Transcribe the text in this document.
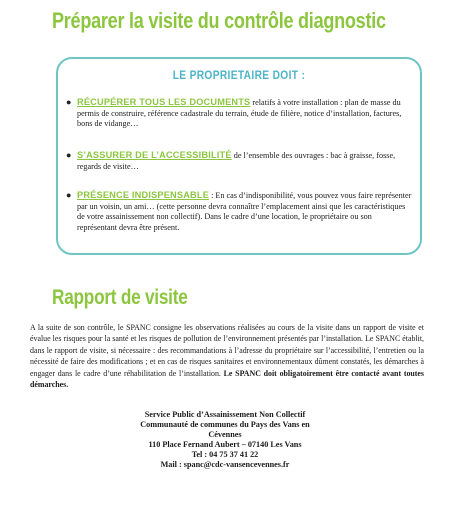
Préparer la visite du contrôle diagnostic
LE PROPRIETAIRE DOIT :
● RÉCUPÉRER TOUS LES DOCUMENTS relatifs à votre installation : plan de masse du permis de construire, référence cadastrale du terrain, étude de filière, notice d’installation, factures, bons de vidange…

● S’ASSURER DE L’ACCESSIBILITÉ de l’ensemble des ouvrages : bac à graisse, fosse, regards de visite…

● PRÉSENCE INDISPENSABLE : En cas d’indisponibilité, vous pouvez vous faire représenter par un voisin, un ami… (cette personne devra connaître l’emplacement ainsi que les caractéristiques de votre assainissement non collectif). Dans le cadre d’une location, le propriétaire ou son représentant devra être présent.

Rapport de visite

A la suite de son contrôle, le SPANC consigne les observations réalisées au cours de la visite dans un rapport de visite et évalue les risques pour la santé et les risques de pollution de l’environnement présentés par l’installation. Le SPANC établit, dans le rapport de visite, si nécessaire : des recommandations à l’adresse du propriétaire sur l’accessibilité, l’entretien ou la nécessité de faire des modifications ; et en cas de risques sanitaires et environnementaux dûment constatés, les démarches à engager dans le cadre d’une réhabilitation de l’installation. Le SPANC doit obligatoirement être contacté avant toutes démarches.

Service Public d’Assainissement Non Collectif
Communauté de communes du Pays des Vans en
Cévennes
110 Place Fernand Aubert – 07140 Les Vans
Tel : 04 75 37 41 22
Mail : spanc@cdc-vansencevennes.fr
